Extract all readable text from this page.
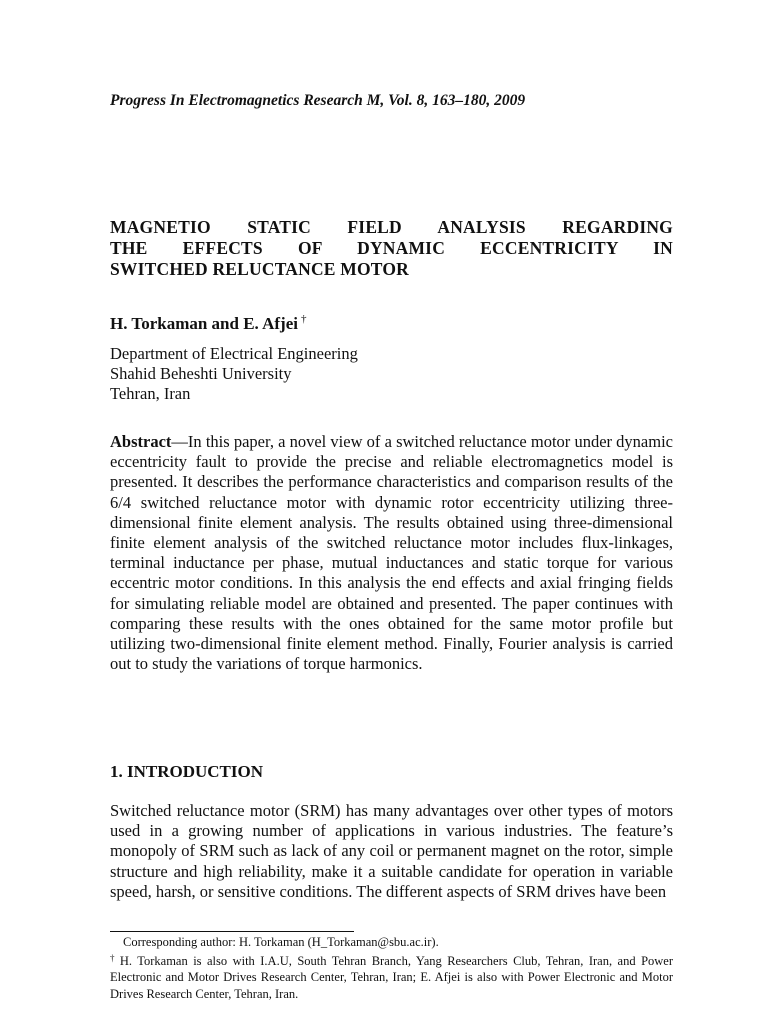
Progress In Electromagnetics Research M, Vol. 8, 163–180, 2009
MAGNETIO STATIC FIELD ANALYSIS REGARDING
THE EFFECTS OF DYNAMIC ECCENTRICITY IN
SWITCHED RELUCTANCE MOTOR
H. Torkaman and E. Afjei †
Department of Electrical Engineering
Shahid Beheshti University
Tehran, Iran

Abstract—In this paper, a novel view of a switched reluctance motor under dynamic eccentricity fault to provide the precise and reliable electromagnetics model is presented. It describes the performance characteristics and comparison results of the 6/4 switched reluctance motor with dynamic rotor eccentricity utilizing three-dimensional finite element analysis. The results obtained using three-dimensional finite element analysis of the switched reluctance motor includes flux-linkages, terminal inductance per phase, mutual inductances and static torque for various eccentric motor conditions. In this analysis the end effects and axial fringing fields for simulating reliable model are obtained and presented. The paper continues with comparing these results with the ones obtained for the same motor profile but utilizing two-dimensional finite element method. Finally, Fourier analysis is carried out to study the variations of torque harmonics.

1. INTRODUCTION

Switched reluctance motor (SRM) has many advantages over other types of motors used in a growing number of applications in various industries. The feature’s monopoly of SRM such as lack of any coil or permanent magnet on the rotor, simple structure and high reliability, make it a suitable candidate for operation in variable speed, harsh, or sensitive conditions. The different aspects of SRM drives have been

Corresponding author: H. Torkaman (H_Torkaman@sbu.ac.ir).
† H. Torkaman is also with I.A.U, South Tehran Branch, Yang Researchers Club, Tehran, Iran, and Power Electronic and Motor Drives Research Center, Tehran, Iran; E. Afjei is also with Power Electronic and Motor Drives Research Center, Tehran, Iran.
